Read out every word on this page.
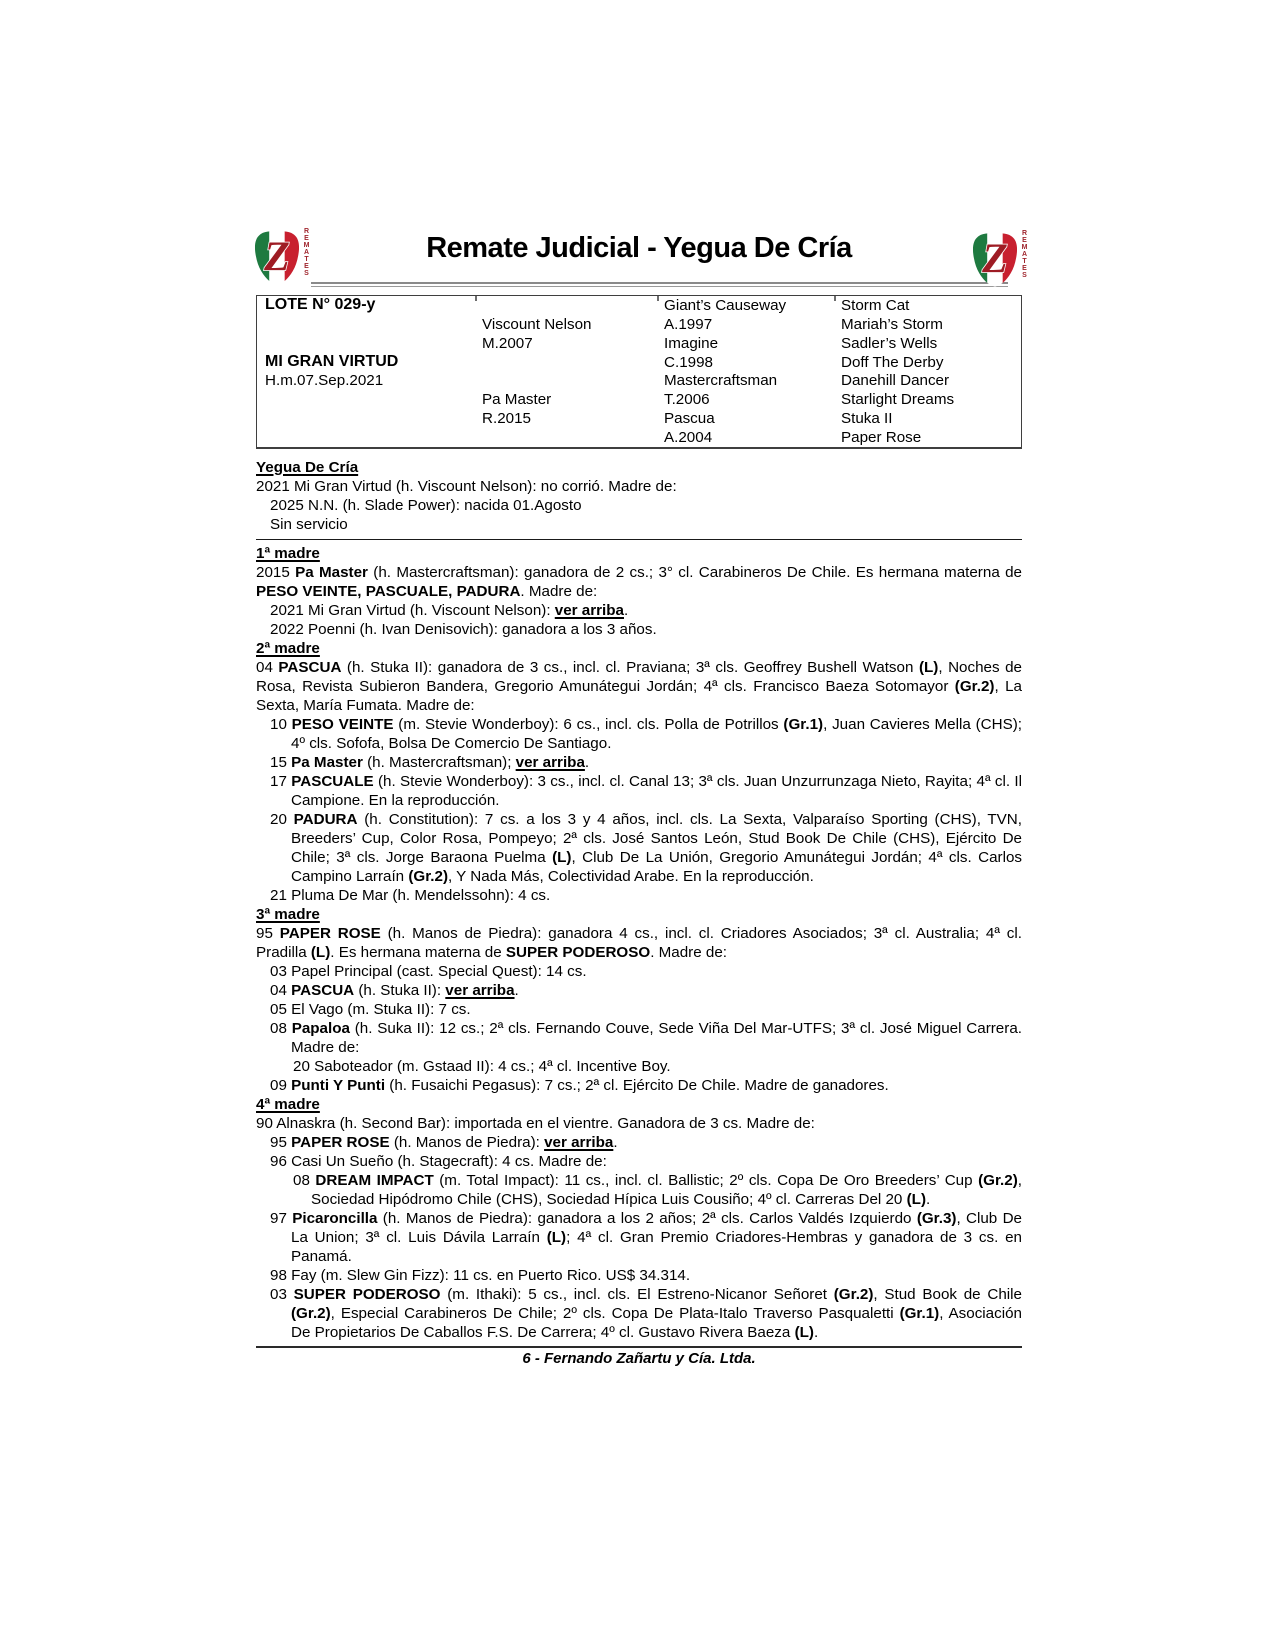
Z REMATES	Remate Judicial - Yegua De Cría	Z REMATES
LOTE N° 029-y
MI GRAN VIRTUD
H.m.07.Sep.2021
Viscount Nelson
M.2007
Pa Master
R.2015
Giant’s Causeway
A.1997
Imagine
C.1998
Mastercraftsman
T.2006
Pascua
A.2004
Storm Cat
Mariah’s Storm
Sadler’s Wells
Doff The Derby
Danehill Dancer
Starlight Dreams
Stuka II
Paper Rose
Yegua De Cría
2021 Mi Gran Virtud (h. Viscount Nelson): no corrió. Madre de:
2025 N.N. (h. Slade Power): nacida 01.Agosto
Sin servicio
1ª madre
2015 Pa Master (h. Mastercraftsman): ganadora de 2 cs.; 3° cl. Carabineros De Chile. Es hermana materna de PESO VEINTE, PASCUALE, PADURA. Madre de:
2021 Mi Gran Virtud (h. Viscount Nelson): ver arriba.
2022 Poenni (h. Ivan Denisovich): ganadora a los 3 años.
2ª madre
04 PASCUA (h. Stuka II): ganadora de 3 cs., incl. cl. Praviana; 3ª cls. Geoffrey Bushell Watson (L), Noches de Rosa, Revista Subieron Bandera, Gregorio Amunátegui Jordán; 4ª cls. Francisco Baeza Sotomayor (Gr.2), La Sexta, María Fumata. Madre de:
10 PESO VEINTE (m. Stevie Wonderboy): 6 cs., incl. cls. Polla de Potrillos (Gr.1), Juan Cavieres Mella (CHS); 4º cls. Sofofa, Bolsa De Comercio De Santiago.
15 Pa Master (h. Mastercraftsman); ver arriba.
17 PASCUALE (h. Stevie Wonderboy): 3 cs., incl. cl. Canal 13; 3ª cls. Juan Unzurrunzaga Nieto, Rayita; 4ª cl. Il Campione. En la reproducción.
20 PADURA (h. Constitution): 7 cs. a los 3 y 4 años, incl. cls. La Sexta, Valparaíso Sporting (CHS), TVN, Breeders’ Cup, Color Rosa, Pompeyo; 2ª cls. José Santos León, Stud Book De Chile (CHS), Ejército De Chile; 3ª cls. Jorge Baraona Puelma (L), Club De La Unión, Gregorio Amunátegui Jordán; 4ª cls. Carlos Campino Larraín (Gr.2), Y Nada Más, Colectividad Arabe. En la reproducción.
21 Pluma De Mar (h. Mendelssohn): 4 cs.
3ª madre
95 PAPER ROSE (h. Manos de Piedra): ganadora 4 cs., incl. cl. Criadores Asociados; 3ª cl. Australia; 4ª cl. Pradilla (L). Es hermana materna de SUPER PODEROSO. Madre de:
03 Papel Principal (cast. Special Quest): 14 cs.
04 PASCUA (h. Stuka II): ver arriba.
05 El Vago (m. Stuka II): 7 cs.
08 Papaloa (h. Suka II): 12 cs.; 2ª cls. Fernando Couve, Sede Viña Del Mar-UTFS; 3ª cl. José Miguel Carrera. Madre de:
20 Saboteador (m. Gstaad II): 4 cs.; 4ª cl. Incentive Boy.
09 Punti Y Punti (h. Fusaichi Pegasus): 7 cs.; 2ª cl. Ejército De Chile. Madre de ganadores.
4ª madre
90 Alnaskra (h. Second Bar): importada en el vientre. Ganadora de 3 cs. Madre de:
95 PAPER ROSE (h. Manos de Piedra): ver arriba.
96 Casi Un Sueño (h. Stagecraft): 4 cs. Madre de:
08 DREAM IMPACT (m. Total Impact): 11 cs., incl. cl. Ballistic; 2º cls. Copa De Oro Breeders’ Cup (Gr.2), Sociedad Hipódromo Chile (CHS), Sociedad Hípica Luis Cousiño; 4º cl. Carreras Del 20 (L).
97 Picaroncilla (h. Manos de Piedra): ganadora a los 2 años; 2ª cls. Carlos Valdés Izquierdo (Gr.3), Club De La Union; 3ª cl. Luis Dávila Larraín (L); 4ª cl. Gran Premio Criadores-Hembras y ganadora de 3 cs. en Panamá.
98 Fay (m. Slew Gin Fizz): 11 cs. en Puerto Rico. US$ 34.314.
03 SUPER PODEROSO (m. Ithaki): 5 cs., incl. cls. El Estreno-Nicanor Señoret (Gr.2), Stud Book de Chile (Gr.2), Especial Carabineros De Chile; 2º cls. Copa De Plata-Italo Traverso Pasqualetti (Gr.1), Asociación De Propietarios De Caballos F.S. De Carrera; 4º cl. Gustavo Rivera Baeza (L).
6 - Fernando Zañartu y Cía. Ltda.
